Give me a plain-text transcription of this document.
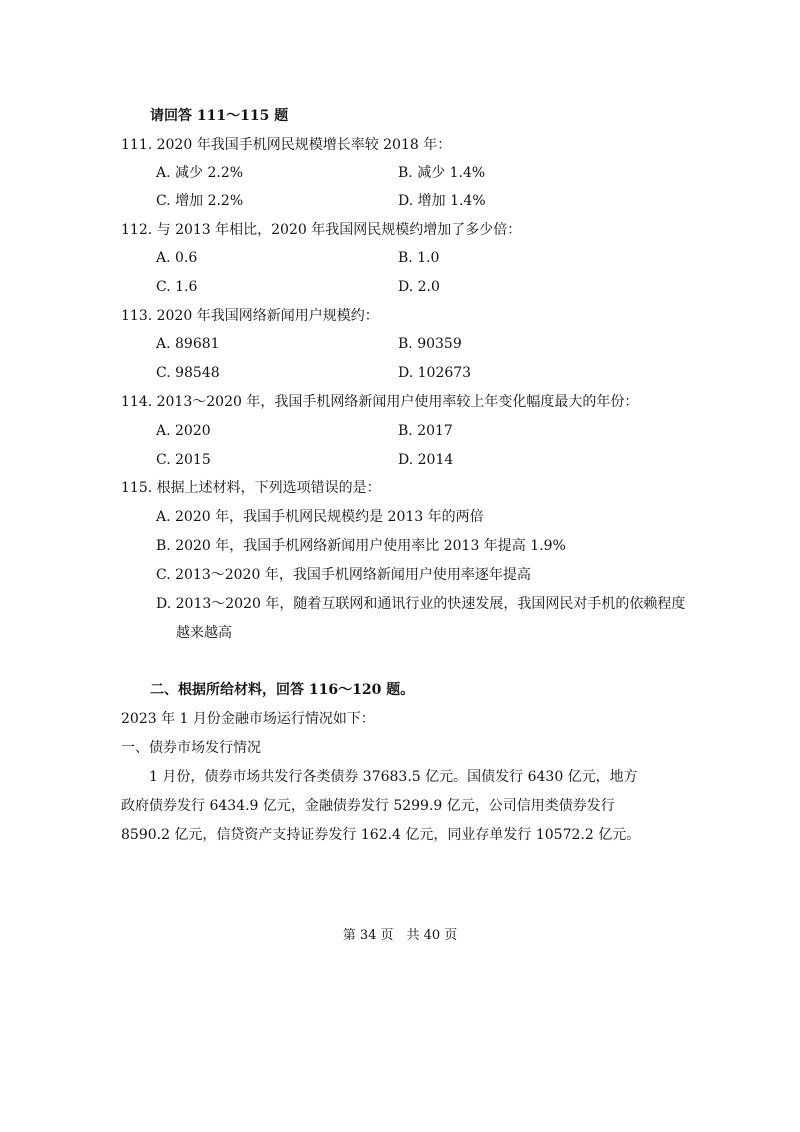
请回答 111～115 题
111. 2020 年我国手机网民规模增长率较 2018 年：
A. 减少 2.2%	B. 减少 1.4%
C. 增加 2.2%	D. 增加 1.4%
112. 与 2013 年相比，2020 年我国网民规模约增加了多少倍：
A. 0.6	B. 1.0
C. 1.6	D. 2.0
113. 2020 年我国网络新闻用户规模约：
A. 89681	B. 90359
C. 98548	D. 102673
114. 2013～2020 年，我国手机网络新闻用户使用率较上年变化幅度最大的年份：
A. 2020	B. 2017
C. 2015	D. 2014
115. 根据上述材料，下列选项错误的是：
A. 2020 年，我国手机网民规模约是 2013 年的两倍
B. 2020 年，我国手机网络新闻用户使用率比 2013 年提高 1.9%
C. 2013～2020 年，我国手机网络新闻用户使用率逐年提高
D. 2013～2020 年，随着互联网和通讯行业的快速发展，我国网民对手机的依赖程度
越来越高
二、根据所给材料，回答 116～120 题。
2023 年 1 月份金融市场运行情况如下：
一、债券市场发行情况
1 月份，债券市场共发行各类债券 37683.5 亿元。国债发行 6430 亿元，地方政府债券发行 6434.9 亿元，金融债券发行 5299.9 亿元，公司信用类债券发行 8590.2 亿元，信贷资产支持证券发行 162.4 亿元，同业存单发行 10572.2 亿元。
第 34 页　共 40 页
